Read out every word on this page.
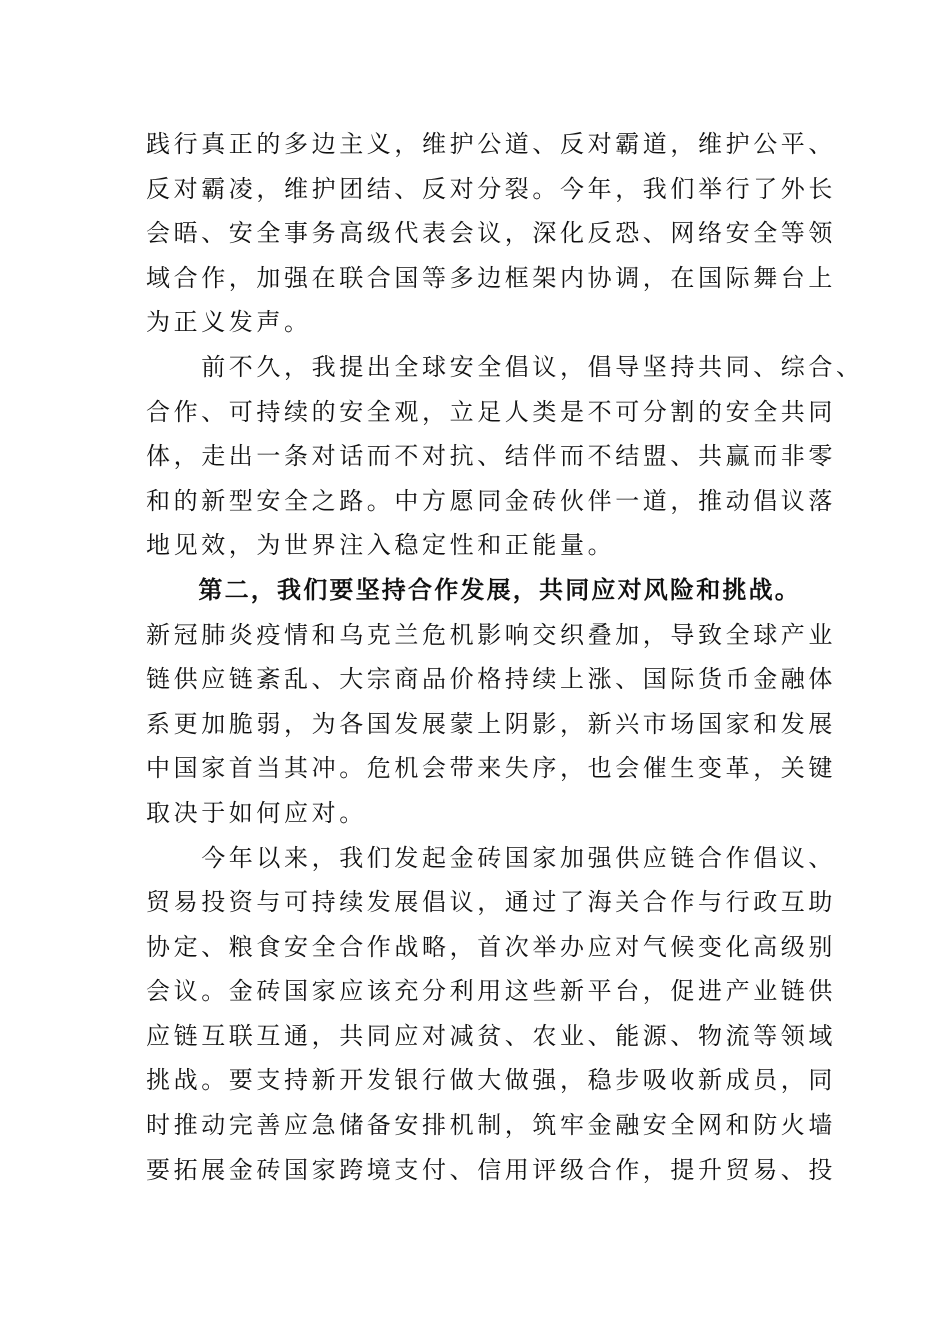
践行真正的多边主义，维护公道、反对霸道，维护公平、
反对霸凌，维护团结、反对分裂。今年，我们举行了外长
会晤、安全事务高级代表会议，深化反恐、网络安全等领
域合作，加强在联合国等多边框架内协调，在国际舞台上
为正义发声。
　　前不久，我提出全球安全倡议，倡导坚持共同、综合、
合作、可持续的安全观，立足人类是不可分割的安全共同
体，走出一条对话而不对抗、结伴而不结盟、共赢而非零
和的新型安全之路。中方愿同金砖伙伴一道，推动倡议落
地见效，为世界注入稳定性和正能量。
　　第二，我们要坚持合作发展，共同应对风险和挑战。
新冠肺炎疫情和乌克兰危机影响交织叠加，导致全球产业
链供应链紊乱、大宗商品价格持续上涨、国际货币金融体
系更加脆弱，为各国发展蒙上阴影，新兴市场国家和发展
中国家首当其冲。危机会带来失序，也会催生变革，关键
取决于如何应对。
　　今年以来，我们发起金砖国家加强供应链合作倡议、
贸易投资与可持续发展倡议，通过了海关合作与行政互助
协定、粮食安全合作战略，首次举办应对气候变化高级别
会议。金砖国家应该充分利用这些新平台，促进产业链供
应链互联互通，共同应对减贫、农业、能源、物流等领域
挑战。要支持新开发银行做大做强，稳步吸收新成员，同
时推动完善应急储备安排机制，筑牢金融安全网和防火墙
要拓展金砖国家跨境支付、信用评级合作，提升贸易、投
